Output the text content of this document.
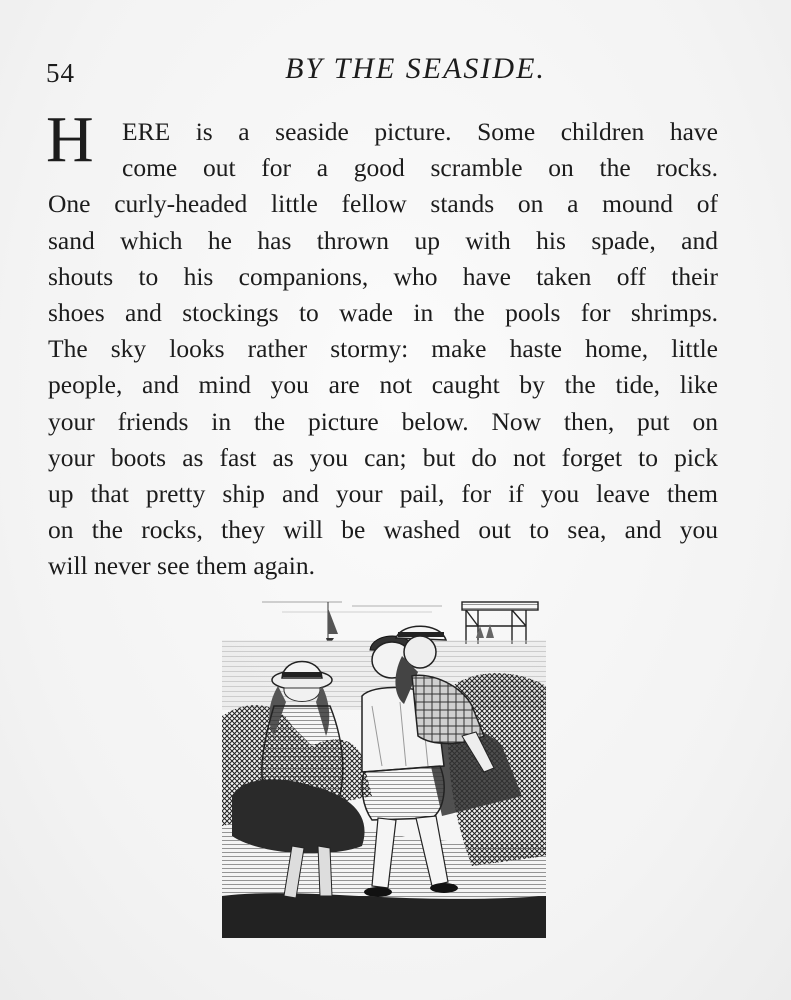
54	BY THE SEASIDE.
H ERE is a seaside picture. Some children have
come out for a good scramble on the rocks.
One curly-headed little fellow stands on a mound of
sand which he has thrown up with his spade, and
shouts to his companions, who have taken off their
shoes and stockings to wade in the pools for shrimps.
The sky looks rather stormy: make haste home, little
people, and mind you are not caught by the tide, like
your friends in the picture below. Now then, put on
your boots as fast as you can; but do not forget to pick
up that pretty ship and your pail, for if you leave them
on the rocks, they will be washed out to sea, and you
will never see them again.
